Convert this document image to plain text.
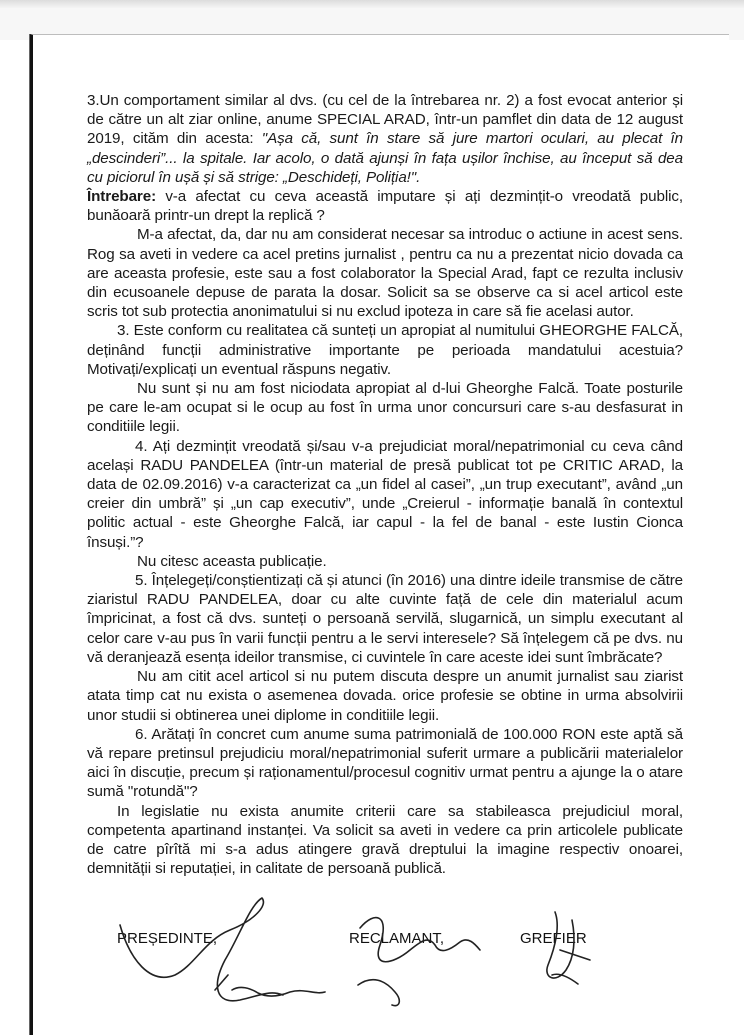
3.Un comportament similar al dvs. (cu cel de la întrebarea nr. 2) a fost evocat anterior și de către un alt ziar online, anume SPECIAL ARAD, într-un pamflet din data de 12 august 2019, cităm din acesta: "Așa că, sunt în stare să jure martori oculari, au plecat în „descinderi”... la spitale. Iar acolo, o dată ajunși în fața ușilor închise, au început să dea cu piciorul în ușă și să strige: „Deschideți, Poliția!".

Întrebare: v-a afectat cu ceva această imputare și ați dezmințit-o vreodată public, bunăoară printr-un drept la replică ?

M-a afectat, da, dar nu am considerat necesar sa introduc o actiune in acest sens. Rog sa aveti in vedere ca acel pretins jurnalist , pentru ca nu a prezentat nicio dovada ca are aceasta profesie, este sau a fost colaborator la Special Arad, fapt ce rezulta inclusiv din ecusoanele depuse de parata la dosar. Solicit sa se observe ca si acel articol este scris tot sub protectia anonimatului si nu exclud ipoteza in care să fie acelasi autor.

3. Este conform cu realitatea că sunteți un apropiat al numitului GHEORGHE FALCĂ, deținând funcții administrative importante pe perioada mandatului acestuia? Motivați/explicați un eventual răspuns negativ.

Nu sunt și nu am fost niciodata apropiat al d-lui Gheorghe Falcă. Toate posturile pe care le-am ocupat si le ocup au fost în urma unor concursuri care s-au desfasurat in conditiile legii.

4. Ați dezmințit vreodată și/sau v-a prejudiciat moral/nepatrimonial cu ceva când același RADU PANDELEA (într-un material de presă publicat tot pe CRITIC ARAD, la data de 02.09.2016) v-a caracterizat ca „un fidel al casei”, „un trup executant”, având „un creier din umbră” și „un cap executiv”, unde „Creierul - informație banală în contextul politic actual - este Gheorghe Falcă, iar capul - la fel de banal - este Iustin Cionca însuși.”?

Nu citesc aceasta publicație.

5. Înțelegeți/conștientizați că și atunci (în 2016) una dintre ideile transmise de către ziaristul RADU PANDELEA, doar cu alte cuvinte față de cele din materialul acum împricinat, a fost că dvs. sunteți o persoană servilă, slugarnică, un simplu executant al celor care v-au pus în varii funcții pentru a le servi interesele? Să înțelegem că pe dvs. nu vă deranjează esența ideilor transmise, ci cuvintele în care aceste idei sunt îmbrăcate?

Nu am citit acel articol si nu putem discuta despre un anumit jurnalist sau ziarist atata timp cat nu exista o asemenea dovada. orice profesie se obtine in urma absolvirii unor studii si obtinerea unei diplome in conditiile legii.

6. Arătați în concret cum anume suma patrimonială de 100.000 RON este aptă să vă repare pretinsul prejudiciu moral/nepatrimonial suferit urmare a publicării materialelor aici în discuție, precum și raționamentul/procesul cognitiv urmat pentru a ajunge la o atare sumă "rotundă"?

In legislatie nu exista anumite criterii care sa stabileasca prejudiciul moral, competenta apartinand instanței. Va solicit sa aveti in vedere ca prin articolele publicate de catre pîrîtă mi s-a adus atingere gravă dreptului la imagine respectiv onoarei, demnității si reputației, in calitate de persoană publică.

PREȘEDINTE,	RECLAMANT,	GREFIER
